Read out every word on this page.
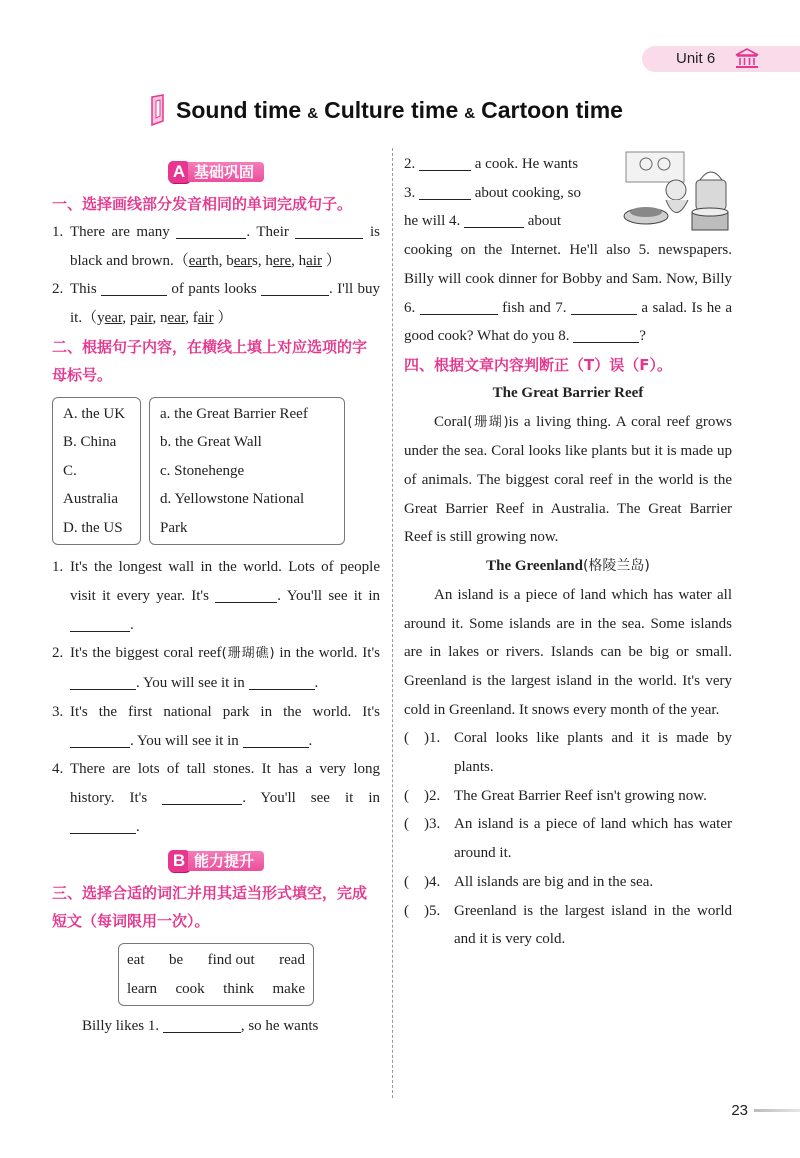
Unit 6
Sound time & Culture time & Cartoon time
A 基础巩固
一、选择画线部分发音相同的单词完成句子。
1. There are many	. Their	is black and brown.（earth, bears, here, hair ）
2. This	of pants looks	. I'll buy it.（year, pair, near, fair ）
二、根据句子内容，在横线上填上对应选项的字母标号。
A. the UK
B. China
C. Australia
D. the US
a. the Great Barrier Reef
b. the Great Wall
c. Stonehenge
d. Yellowstone National Park
1. It's the longest wall in the world. Lots of people visit it every year. It's	. You'll see it in .
2. It's the biggest coral reef(珊瑚礁) in the world. It's . You will see it in	.
3. It's the first national park in the world. It's . You will see it in	.
4. There are lots of tall stones. It has a very long history. It's	. You'll see it in .
B 能力提升
三、选择合适的词汇并用其适当形式填空，完成短文（每词限用一次）。
eat be find out read
learn cook think make
Billy likes 1.	, so he wants
2.	a cook. He wants
3.	about cooking, so
he will 4.	about
cooking on the Internet. He'll also 5. newspapers. Billy will cook dinner for Bobby and Sam. Now, Billy 6.	fish and 7.	a salad. Is he a good cook? What do you 8.	?
四、根据文章内容判断正（T）误（F）。
The Great Barrier Reef
Coral(珊瑚)is a living thing. A coral reef grows under the sea. Coral looks like plants but it is made up of animals. The biggest coral reef in the world is the Great Barrier Reef in Australia. The Great Barrier Reef is still growing now.
The Greenland(格陵兰岛)
An island is a piece of land which has water all around it. Some islands are in the sea. Some islands are in lakes or rivers. Islands can be big or small. Greenland is the largest island in the world. It's very cold in Greenland. It snows every month of the year.
(　)1. Coral looks like plants and it is made by plants.
(　)2. The Great Barrier Reef isn't growing now.
(　)3. An island is a piece of land which has water around it.
(　)4. All islands are big and in the sea.
(　)5. Greenland is the largest island in the world and it is very cold.
23
